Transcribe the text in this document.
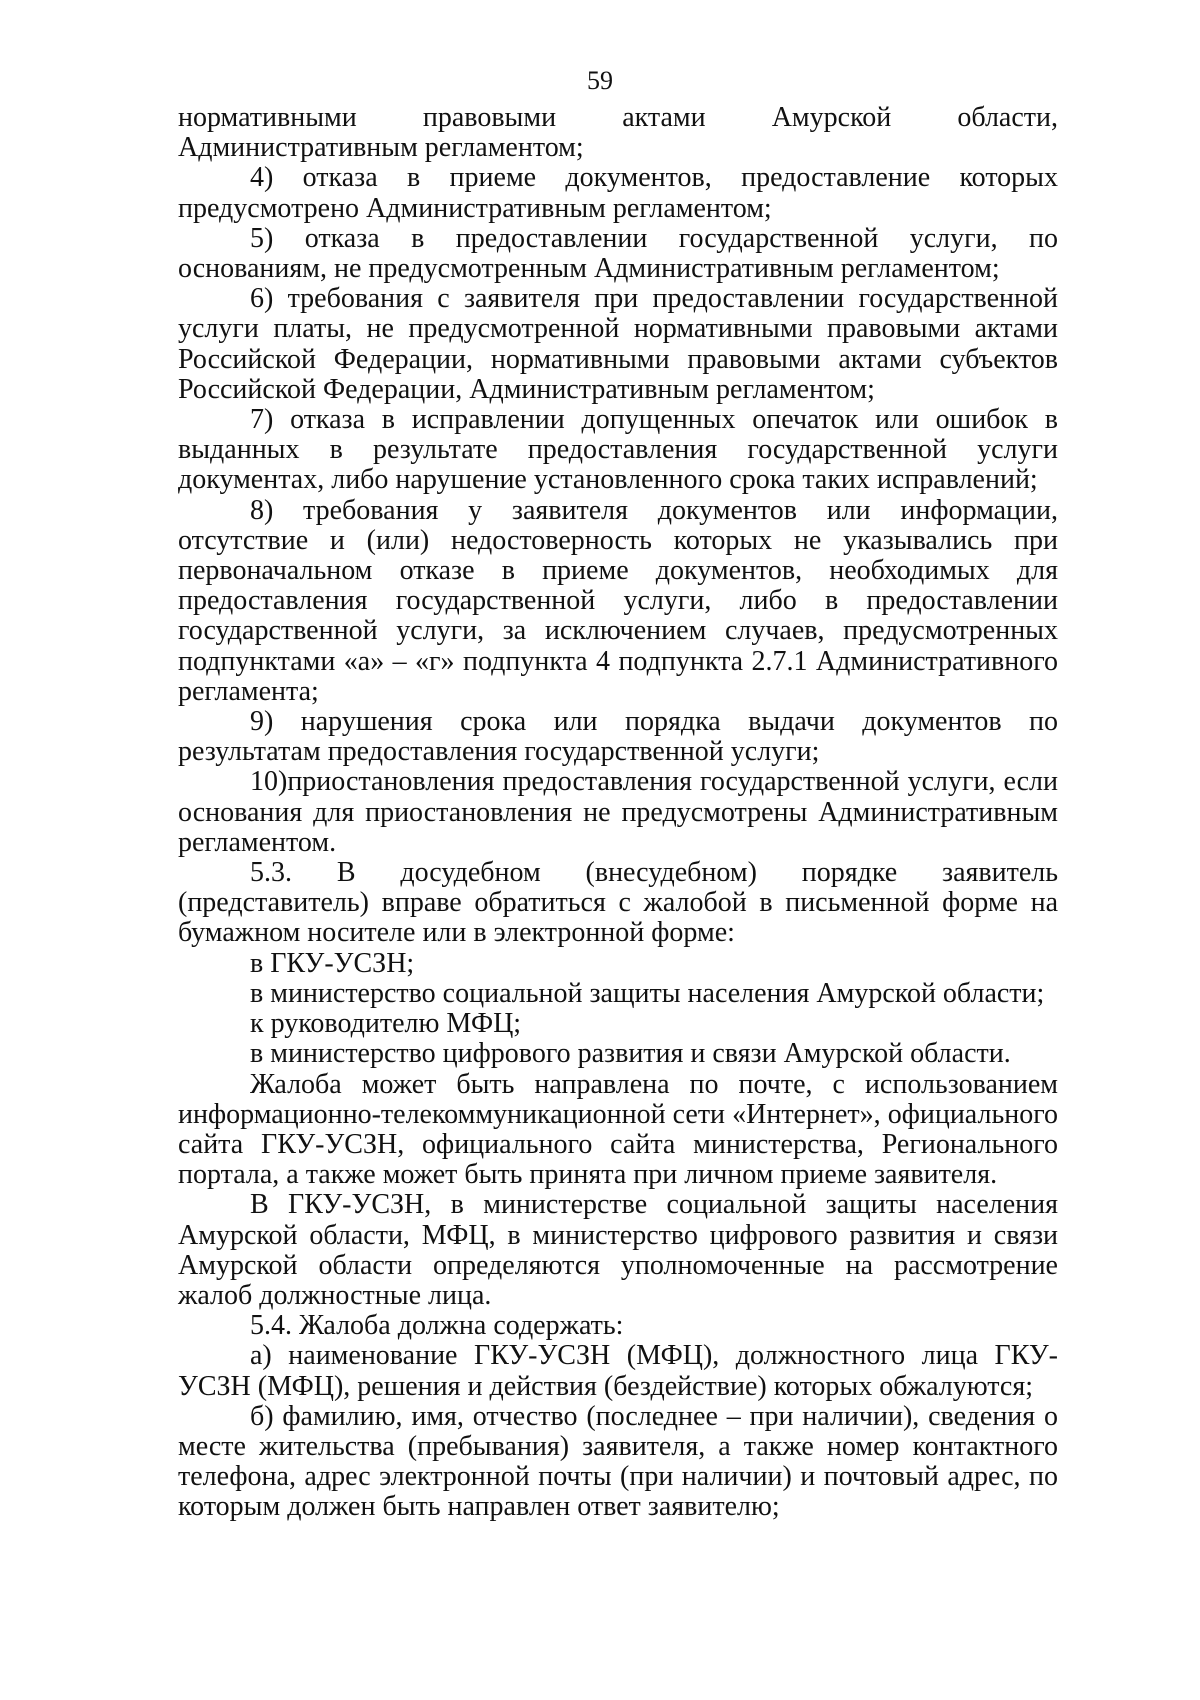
59

нормативными правовыми актами Амурской области, Административным регламентом;

4) отказа в приеме документов, предоставление которых предусмотрено Административным регламентом;

5) отказа в предоставлении государственной услуги, по основаниям, не предусмотренным Административным регламентом;

6) требования с заявителя при предоставлении государственной услуги платы, не предусмотренной нормативными правовыми актами Российской Федерации, нормативными правовыми актами субъектов Российской Федерации, Административным регламентом;

7) отказа в исправлении допущенных опечаток или ошибок в выданных в результате предоставления государственной услуги документах, либо нарушение установленного срока таких исправлений;

8) требования у заявителя документов или информации, отсутствие и (или) недостоверность которых не указывались при первоначальном отказе в приеме документов, необходимых для предоставления государственной услуги, либо в предоставлении государственной услуги, за исключением случаев, предусмотренных подпунктами «а» – «г» подпункта 4 подпункта 2.7.1 Административного регламента;

9) нарушения срока или порядка выдачи документов по результатам предоставления государственной услуги;

10)приостановления предоставления государственной услуги, если основания для приостановления не предусмотрены Административным регламентом.

5.3. В досудебном (внесудебном) порядке заявитель (представитель) вправе обратиться с жалобой в письменной форме на бумажном носителе или в электронной форме:

в ГКУ-УСЗН;

в министерство социальной защиты населения Амурской области;

к руководителю МФЦ;

в министерство цифрового развития и связи Амурской области.

Жалоба может быть направлена по почте, с использованием информационно-телекоммуникационной сети «Интернет», официального сайта ГКУ-УСЗН, официального сайта министерства, Регионального портала, а также может быть принята при личном приеме заявителя.

В ГКУ-УСЗН, в министерстве социальной защиты населения Амурской области, МФЦ, в министерство цифрового развития и связи Амурской области определяются уполномоченные на рассмотрение жалоб должностные лица.

5.4. Жалоба должна содержать:

а) наименование ГКУ-УСЗН (МФЦ), должностного лица ГКУ-УСЗН (МФЦ), решения и действия (бездействие) которых обжалуются;

б) фамилию, имя, отчество (последнее – при наличии), сведения о месте жительства (пребывания) заявителя, а также номер контактного телефона, адрес электронной почты (при наличии) и почтовый адрес, по которым должен быть направлен ответ заявителю;
